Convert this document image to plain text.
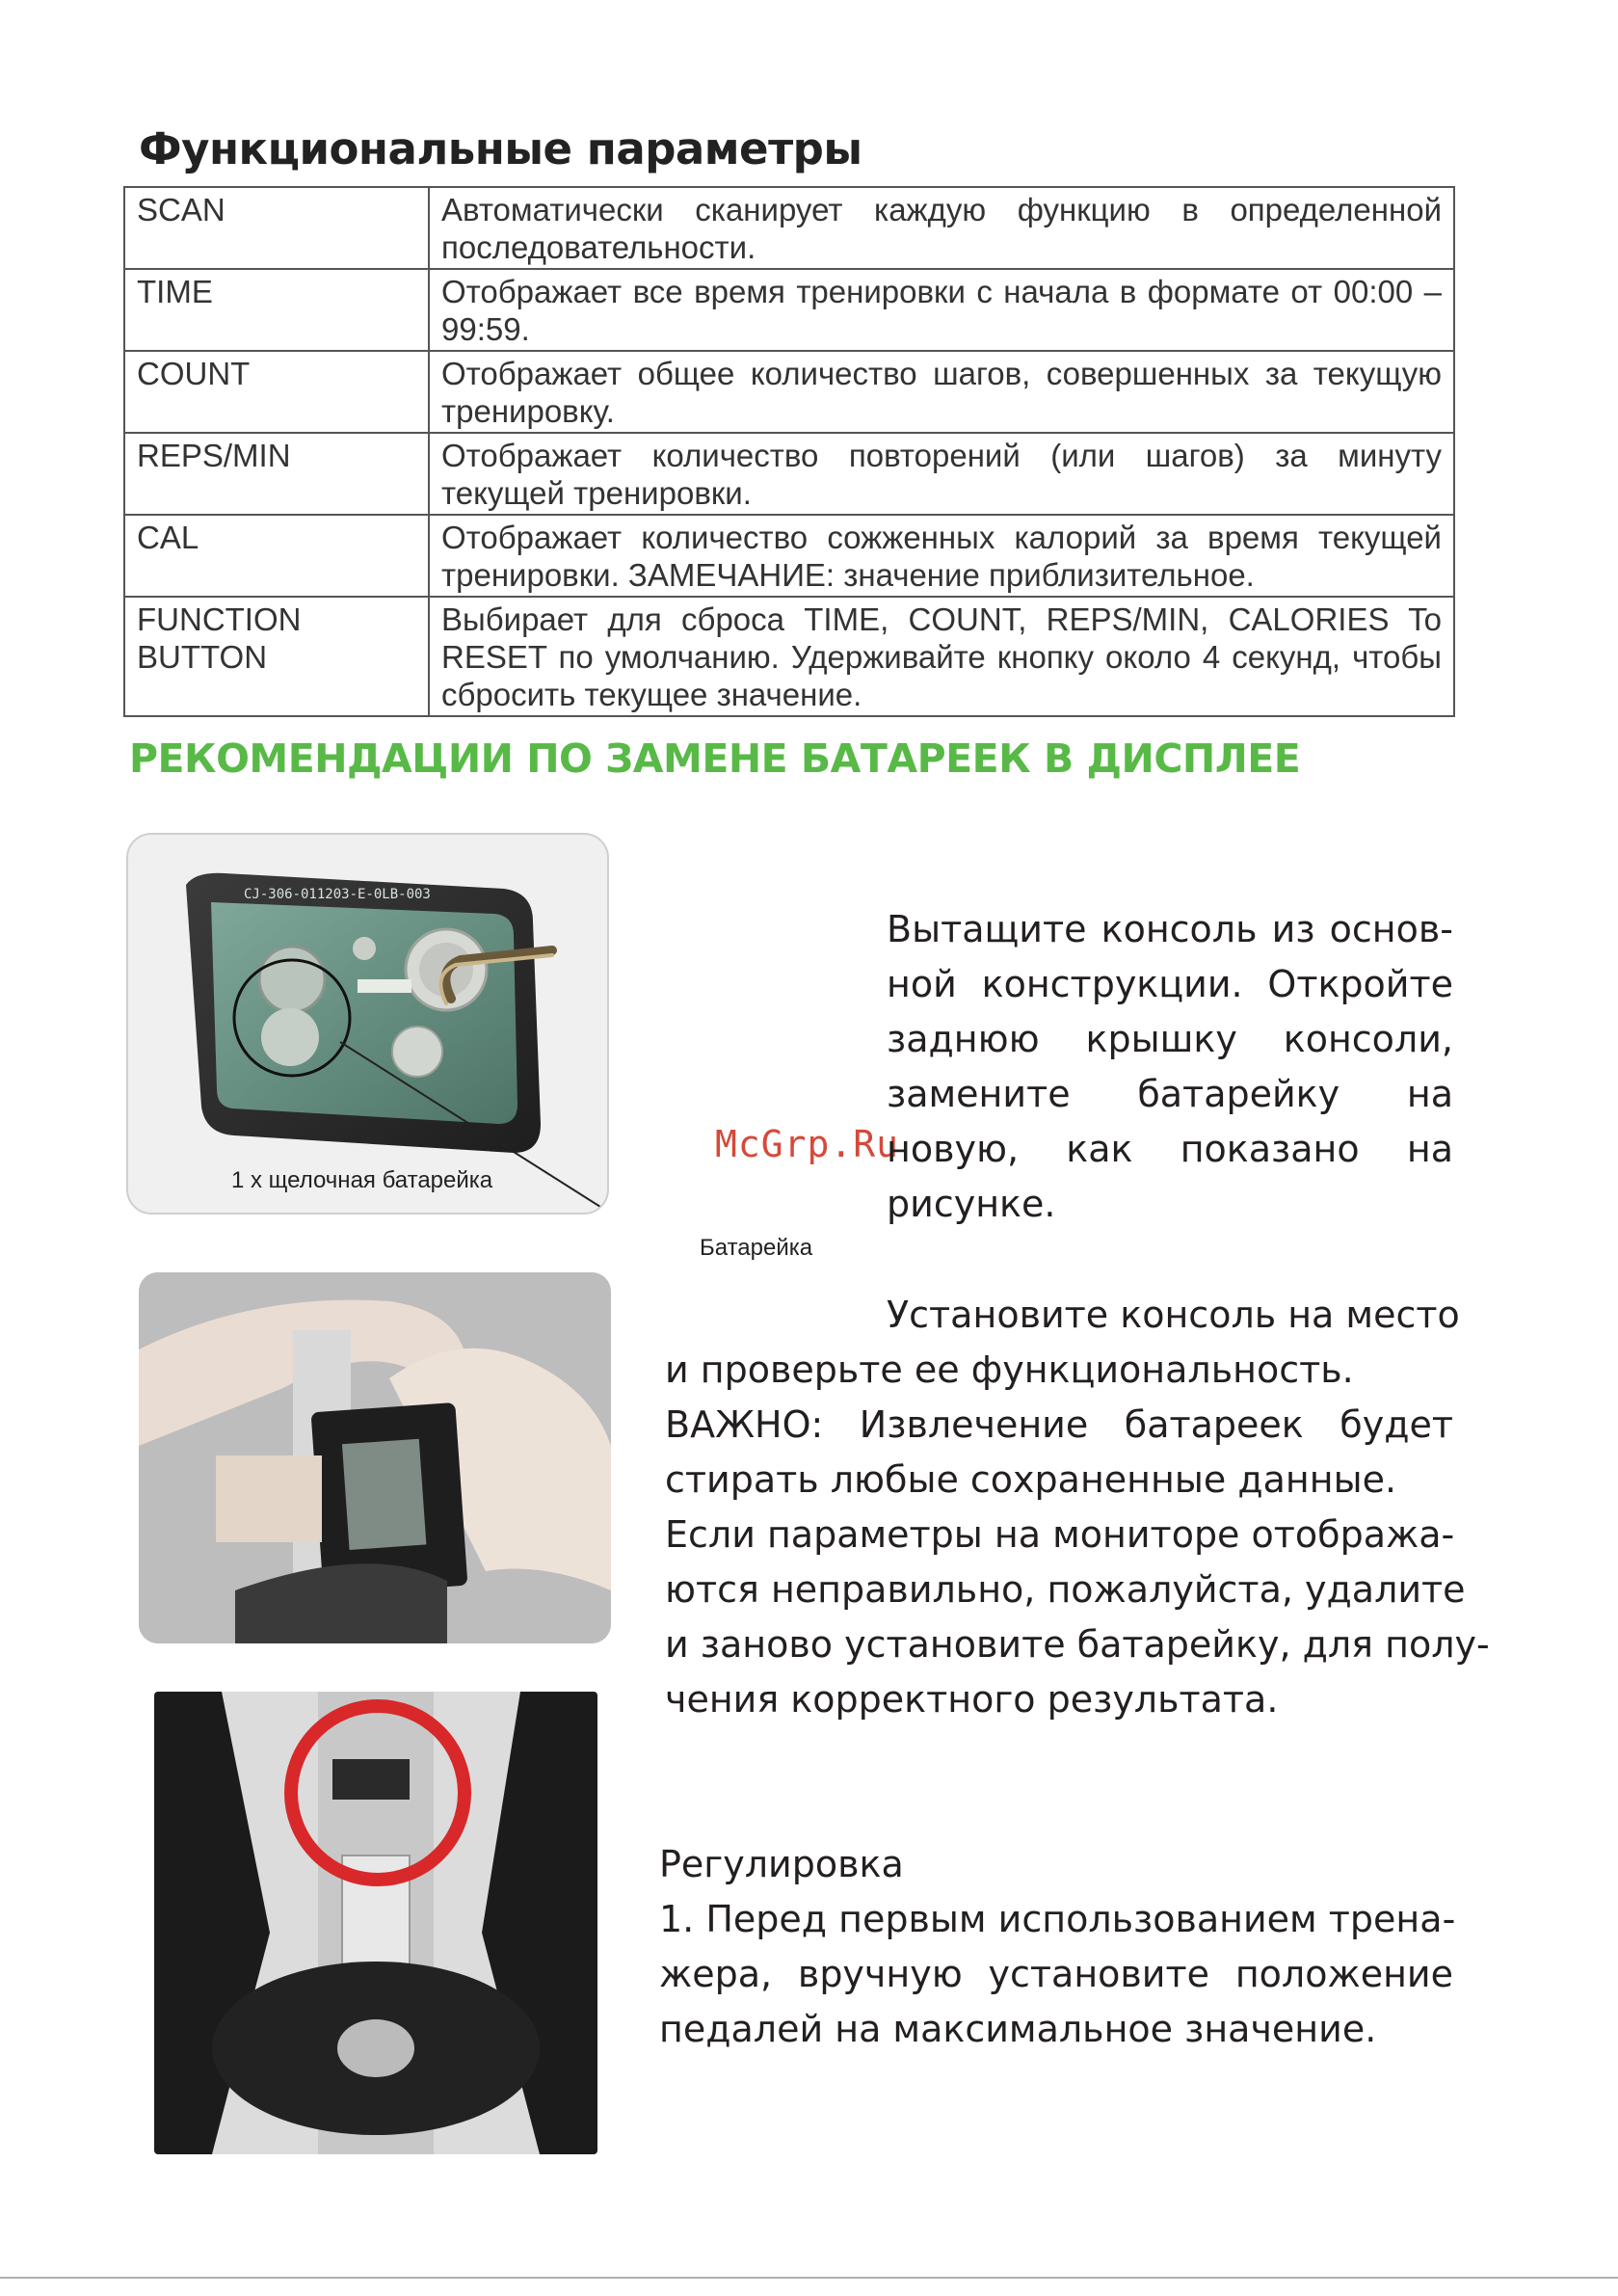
Функциональные параметры
SCAN	Автоматически сканирует каждую функцию в определенной последовательности.
TIME	Отображает все время тренировки с начала в формате от 00:00 – 99:59.
COUNT	Отображает общее количество шагов, совершенных за текущую тренировку.
REPS/MIN	Отображает количество повторений (или шагов) за минуту текущей тренировки.
CAL	Отображает количество сожженных калорий за время текущей тренировки. ЗАМЕЧАНИЕ: значение приблизительное.
FUNCTION
BUTTON	Выбирает для сброса TIME, COUNT, REPS/MIN, CALORIES To RESET по умолчанию. Удерживайте кнопку около 4 секунд, чтобы сбросить текущее значение.
РЕКОМЕНДАЦИИ ПО ЗАМЕНЕ БАТАРЕЕК В ДИСПЛЕЕ
CJ-306-011203-E-0LB-003
1 х щелочная батарейка
Батарейка
McGrp.Ru
Вытащите консоль из основ-
ной конструкции. Откройте
заднюю крышку консоли,
замените батарейку на
новую, как показано на
рисунке.
Установите консоль на место
и проверьте ее функциональность.
ВАЖНО: Извлечение батареек будет
стирать любые сохраненные данные.
Если параметры на мониторе отобража-
ются неправильно, пожалуйста, удалите
и заново установите батарейку, для полу-
чения корректного результата.
Регулировка
1. Перед первым использованием трена-
жера, вручную установите положение
педалей на максимальное значение.
